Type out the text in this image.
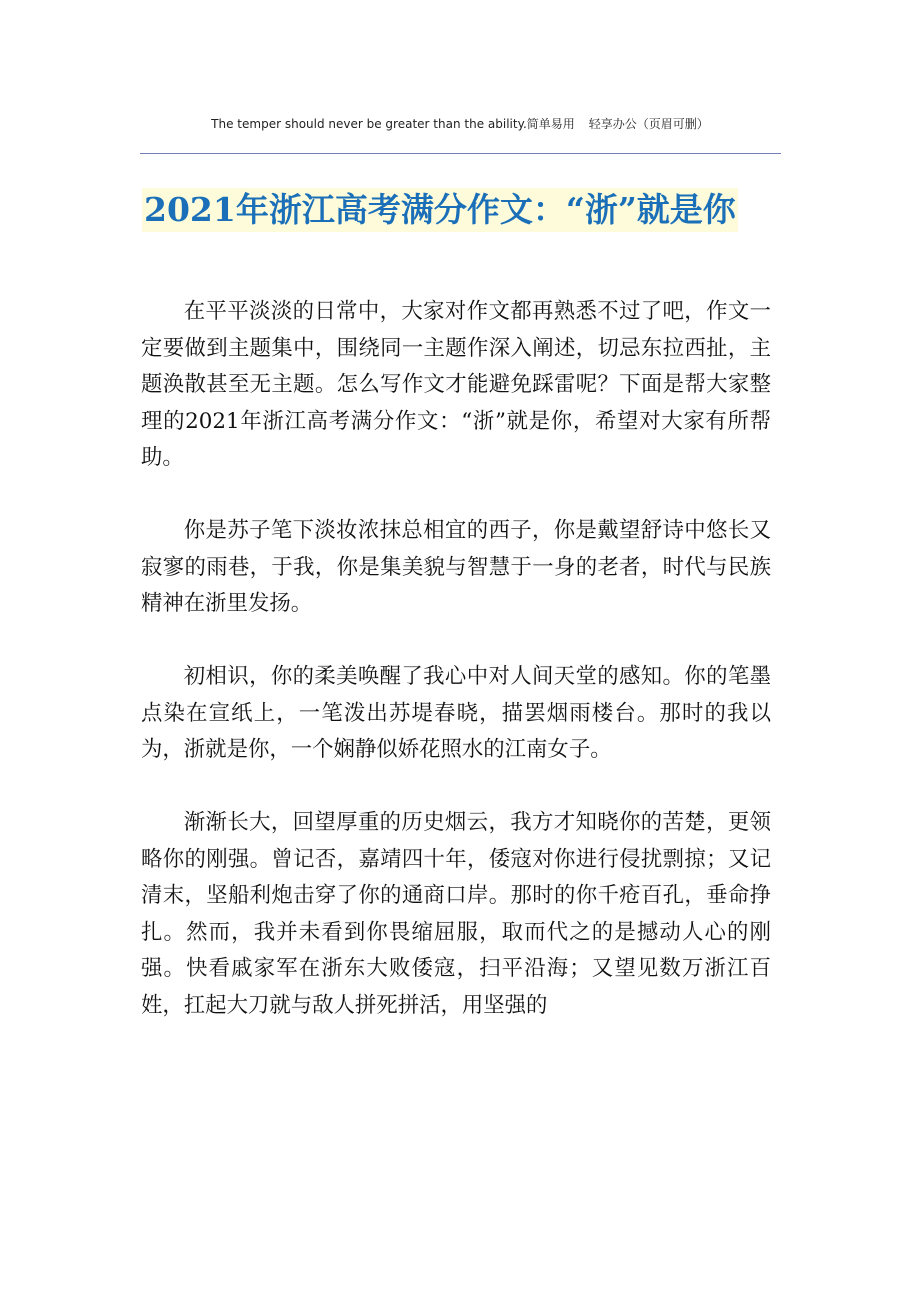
The temper should never be greater than the ability.简单易用 轻享办公（页眉可删）
2021年浙江高考满分作文：“浙”就是你

在平平淡淡的日常中，大家对作文都再熟悉不过了吧，作文一定要做到主题集中，围绕同一主题作深入阐述，切忌东拉西扯，主题涣散甚至无主题。怎么写作文才能避免踩雷呢？下面是帮大家整理的2021年浙江高考满分作文：“浙”就是你，希望对大家有所帮助。

你是苏子笔下淡妆浓抹总相宜的西子，你是戴望舒诗中悠长又寂寥的雨巷，于我，你是集美貌与智慧于一身的老者，时代与民族精神在浙里发扬。

初相识，你的柔美唤醒了我心中对人间天堂的感知。你的笔墨点染在宣纸上，一笔泼出苏堤春晓，描罢烟雨楼台。那时的我以为，浙就是你，一个娴静似娇花照水的江南女子。

渐渐长大，回望厚重的历史烟云，我方才知晓你的苦楚，更领略你的刚强。曾记否，嘉靖四十年，倭寇对你进行侵扰剽掠；又记清末，坚船利炮击穿了你的通商口岸。那时的你千疮百孔，垂命挣扎。然而，我并未看到你畏缩屈服，取而代之的是撼动人心的刚强。快看戚家军在浙东大败倭寇，扫平沿海；又望见数万浙江百姓，扛起大刀就与敌人拼死拼活，用坚强的
